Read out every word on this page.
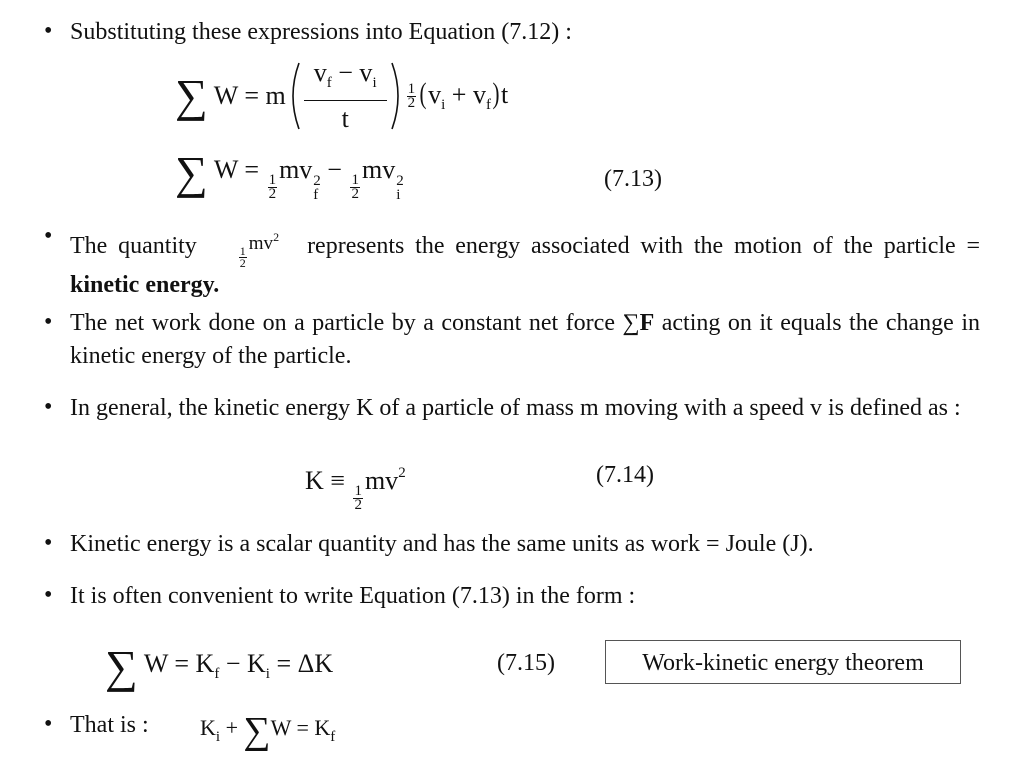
• Substituting these expressions into Equation (7.12) :
∑ W = m $\frac{v_f - v_i}{t} 1$
2 $(v_i + v_f)t$
∑ W =
$\frac{1}{2}$
mv 2
f
−
$\frac{1}{2}$
mv 2
i
(7.13)
• The quantity	$\frac{1}{2}$
$mv^2$ represents the energy associated with the motion of the particle = kinetic energy.
• The net work done on a particle by a constant net force ∑F acting on it equals the change in kinetic energy of the particle.
• In general, the kinetic energy K of a particle of mass m moving with a speed v is defined as :
K ≡
$\frac{1}{2}$
$mv^2$	(7.14)
• Kinetic energy is a scalar quantity and has the same units as work = Joule (J).
• It is often convenient to write Equation (7.13) in the form :
∑ $W = K_f - K_i = \Delta K$	(7.15)	Work-kinetic energy theorem
• That is : $K_i + \sum W = K_f$
